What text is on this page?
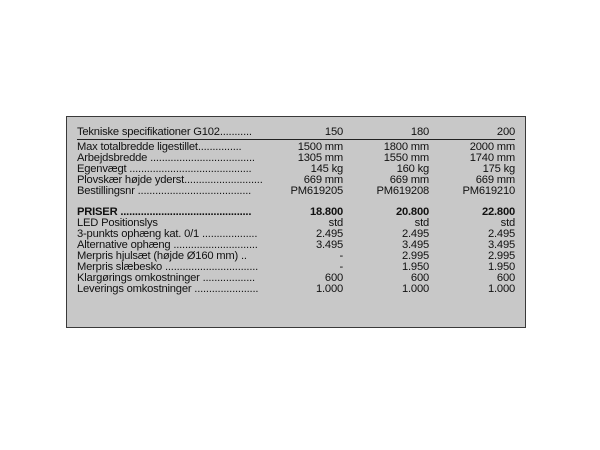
Tekniske specifikationer G102...........	150	180	200
Max totalbredde ligestillet...............	1500 mm	1800 mm	2000 mm
Arbejdsbredde ....................................	1305 mm	1550 mm	1740 mm
Egenvægt ..........................................	145 kg	160 kg	175 kg
Plovskær højde yderst...........................	669 mm	669 mm	669 mm
Bestillingsnr .......................................	PM619205	PM619208	PM619210
PRISER .............................................	18.800	20.800	22.800
LED Positionslys	std	std	std
3-punkts ophæng kat. 0/1 ...................	2.495	2.495	2.495
Alternative ophæng .............................	3.495	3.495	3.495
Merpris hjulsæt (højde Ø160 mm) ..	-	2.995	2.995
Merpris slæbesko ................................	-	1.950	1.950
Klargørings omkostninger ..................	600	600	600
Leverings omkostninger ......................	1.000	1.000	1.000
